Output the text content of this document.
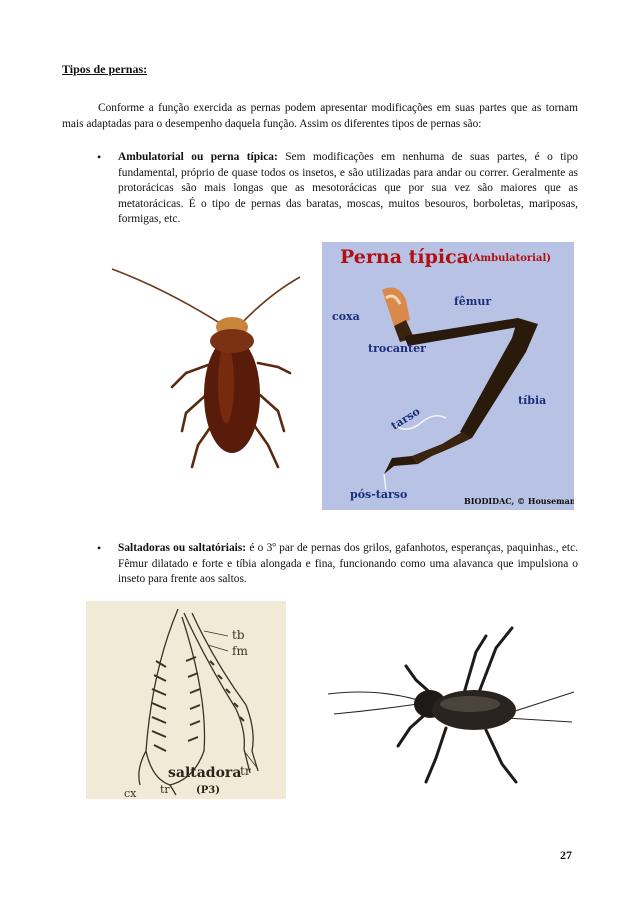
Tipos de pernas:

Conforme a função exercida as pernas podem apresentar modificações em suas partes que as tornam mais adaptadas para o desempenho daquela função. Assim os diferentes tipos de pernas são:

• Ambulatorial ou perna típica: Sem modificações em nenhuma de suas partes, é o tipo fundamental, próprio de quase todos os insetos, e são utilizadas para andar ou correr. Geralmente as protorácicas são mais longas que as mesotorácicas que por sua vez são maiores que as metatorácicas. É o tipo de pernas das baratas, moscas, muitos besouros, borboletas, mariposas, formigas, etc.

Perna típica (Ambulatorial)
coxa
fêmur
trocanter
tíbia
tarso
pós-tarso	BIODIDAC, © Houseman
• Saltadoras ou saltatóriais: é o 3º par de pernas dos grilos, gafanhotos, esperanças, paquinhas., etc. Fêmur dilatado e forte e tíbia alongada e fina, funcionando como uma alavanca que impulsiona o inseto para frente aos saltos.

tb
fm
tr
cx tr
saltadora
(P3)
27
